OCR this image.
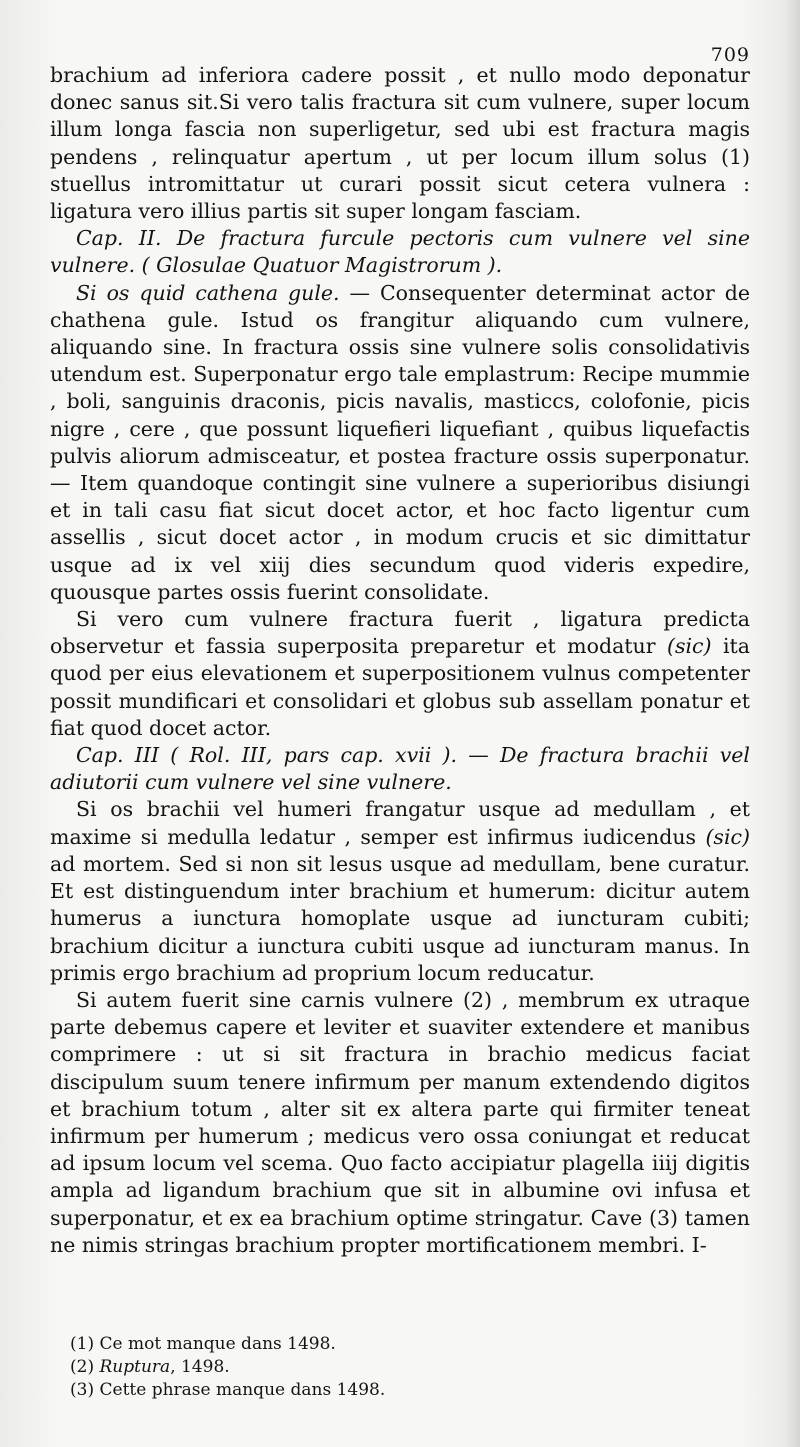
709

brachium ad inferiora cadere possit , et nullo modo deponatur donec sanus sit.Si vero talis fractura sit cum vulnere, super locum illum longa fascia non superligetur, sed ubi est fractura magis pendens , relinquatur apertum , ut per locum illum solus (1) stuellus intromittatur ut curari possit sicut cetera vulnera : ligatura vero illius partis sit super longam fasciam.

Cap. II. De fractura furcule pectoris cum vulnere vel sine vulnere. ( Glosulae Quatuor Magistrorum ).

Si os quid cathena gule. — Consequenter determinat actor de chathena gule. Istud os frangitur aliquando cum vulnere, aliquando sine. In fractura ossis sine vulnere solis consolidativis utendum est. Superponatur ergo tale emplastrum: Recipe mummie , boli, sanguinis draconis, picis navalis, masticcs, colofonie, picis nigre , cere , que possunt liquefieri liquefiant , quibus liquefactis pulvis aliorum admisceatur, et postea fracture ossis superponatur. — Item quandoque contingit sine vulnere a superioribus disiungi et in tali casu fiat sicut docet actor, et hoc facto ligentur cum assellis , sicut docet actor , in modum crucis et sic dimittatur usque ad ix vel xiij dies secundum quod videris expedire, quousque partes ossis fuerint consolidate.

Si vero cum vulnere fractura fuerit , ligatura predicta observetur et fassia superposita preparetur et modatur (sic) ita quod per eius elevationem et superpositionem vulnus competenter possit mundificari et consolidari et globus sub assellam ponatur et fiat quod docet actor.

Cap. III ( Rol. III, pars cap. xvii ). — De fractura brachii vel adiutorii cum vulnere vel sine vulnere.

Si os brachii vel humeri frangatur usque ad medullam , et maxime si medulla ledatur , semper est infirmus iudicendus (sic) ad mortem. Sed si non sit lesus usque ad medullam, bene curatur. Et est distinguendum inter brachium et humerum: dicitur autem humerus a iunctura homoplate usque ad iuncturam cubiti; brachium dicitur a iunctura cubiti usque ad iuncturam manus. In primis ergo brachium ad proprium locum reducatur.

Si autem fuerit sine carnis vulnere (2) , membrum ex utraque parte debemus capere et leviter et suaviter extendere et manibus comprimere : ut si sit fractura in brachio medicus faciat discipulum suum tenere infirmum per manum extendendo digitos et brachium totum , alter sit ex altera parte qui firmiter teneat infirmum per humerum ; medicus vero ossa coniungat et reducat ad ipsum locum vel scema. Quo facto accipiatur plagella iiij digitis ampla ad ligandum brachium que sit in albumine ovi infusa et superponatur, et ex ea brachium optime stringatur. Cave (3) tamen ne nimis stringas brachium propter mortificationem membri. I-

(1) Ce mot manque dans 1498.

(2) Ruptura, 1498.

(3) Cette phrase manque dans 1498.
